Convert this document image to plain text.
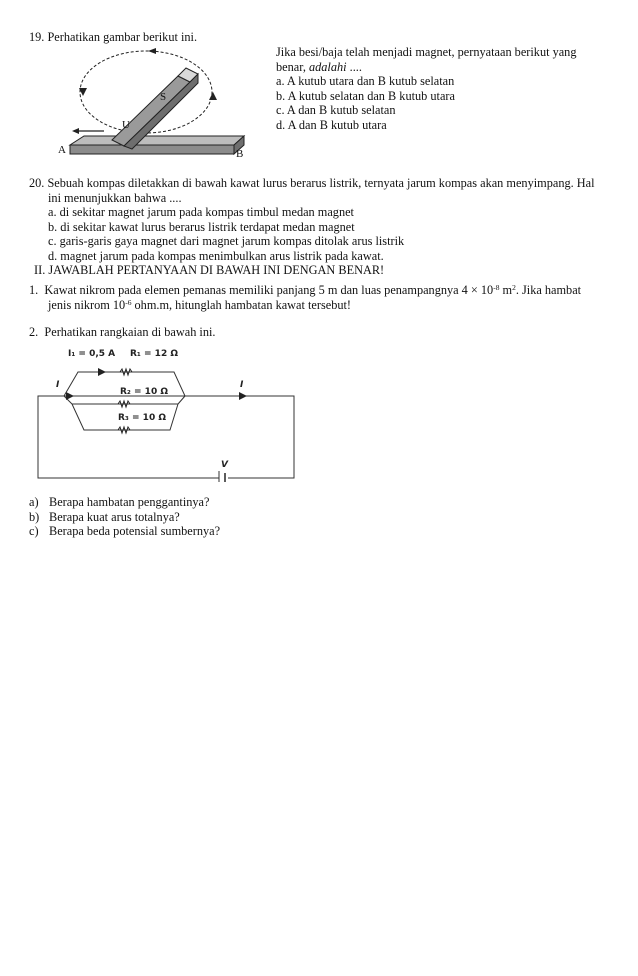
19. Perhatikan gambar berikut ini.
S
U
A	B
Jika besi/baja telah menjadi magnet, pernyataan berikut yang
benar, adalahi ....
a. A kutub utara dan B kutub selatan
b. A kutub selatan dan B kutub utara
c. A dan B kutub selatan
d. A dan B kutub utara
20. Sebuah kompas diletakkan di bawah kawat lurus berarus listrik, ternyata jarum kompas akan menyimpang. Hal
ini menunjukkan bahwa ....
a. di sekitar magnet jarum pada kompas timbul medan magnet
b. di sekitar kawat lurus berarus listrik terdapat medan magnet
c. garis-garis gaya magnet dari magnet jarum kompas ditolak arus listrik
d. magnet jarum pada kompas menimbulkan arus listrik pada kawat.
II. JAWABLAH PERTANYAAN DI BAWAH INI DENGAN BENAR!
1. Kawat nikrom pada elemen pemanas memiliki panjang 5 m dan luas penampangnya $4 \times 10^{-8}$ $m^2$. Jika hambat
jenis nikrom $10^{-6}$ ohm.m, hitunglah hambatan kawat tersebut!
2. Perhatikan rangkaian di bawah ini.
I₁ = 0,5 A R₁ = 12 Ω
R₂ = 10 Ω
R₃ = 10 Ω
I	I
V
a) Berapa hambatan penggantinya?
b) Berapa kuat arus totalnya?
c) Berapa beda potensial sumbernya?
